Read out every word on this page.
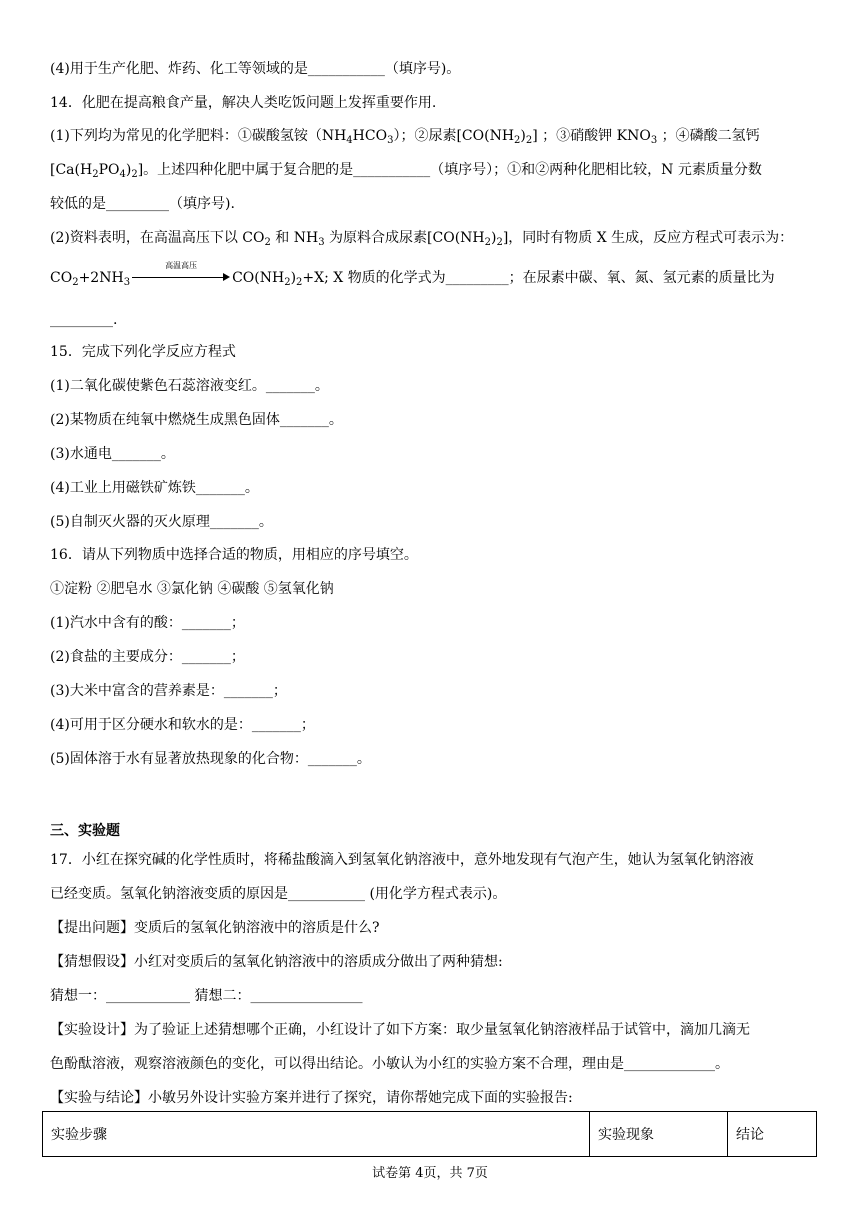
(4)用于生产化肥、炸药、化工等领域的是___________（填序号)。
14．化肥在提高粮食产量，解决人类吃饭问题上发挥重要作用.
(1)下列均为常见的化学肥料：①碳酸氢铵$(NH_4HCO_3)$；②尿素$[CO(NH_2)_2]$ ；③硝酸钾 $KNO_3$ ；④磷酸二氢钙
$[Ca(H_2PO_4)_2]$。上述四种化肥中属于复合肥的是___________（填序号）；①和②两种化肥相比较，N 元素质量分数
较低的是_________（填序号).
(2)资料表明，在高温高压下以 $CO_2$ 和 $NH_3$ 为原料合成尿素$[CO(NH_2)_2]$，同时有物质 X 生成，反应方程式可表示为：
$CO_2+2NH_3$
高温高压
$CO(NH_2)_2+X$; X 物质的化学式为_________；在尿素中碳、氧、氮、氢元素的质量比为
_________.
15．完成下列化学反应方程式
(1)二氧化碳使紫色石蕊溶液变红。_______。
(2)某物质在纯氧中燃烧生成黑色固体_______。
(3)水通电_______。
(4)工业上用磁铁矿炼铁_______。
(5)自制灭火器的灭火原理_______。
16．请从下列物质中选择合适的物质，用相应的序号填空。
①淀粉 ②肥皂水 ③氯化钠 ④碳酸 ⑤氢氧化钠
(1)汽水中含有的酸：_______；
(2)食盐的主要成分：_______；
(3)大米中富含的营养素是：_______；
(4)可用于区分硬水和软水的是：_______；
(5)固体溶于水有显著放热现象的化合物：_______。
三、实验题
17．小红在探究碱的化学性质时，将稀盐酸滴入到氢氧化钠溶液中，意外地发现有气泡产生，她认为氢氧化钠溶液
已经变质。氢氧化钠溶液变质的原因是___________ (用化学方程式表示)。
【提出问题】变质后的氢氧化钠溶液中的溶质是什么?
【猜想假设】小红对变质后的氢氧化钠溶液中的溶质成分做出了两种猜想:
猜想一：____________ 猜想二：________________
【实验设计】为了验证上述猜想哪个正确，小红设计了如下方案：取少量氢氧化钠溶液样品于试管中，滴加几滴无
色酚酞溶液，观察溶液颜色的变化，可以得出结论。小敏认为小红的实验方案不合理，理由是_____________。
【实验与结论】小敏另外设计实验方案并进行了探究，请你帮她完成下面的实验报告:
实验步骤	实验现象	结论
试卷第 4页，共 7页
